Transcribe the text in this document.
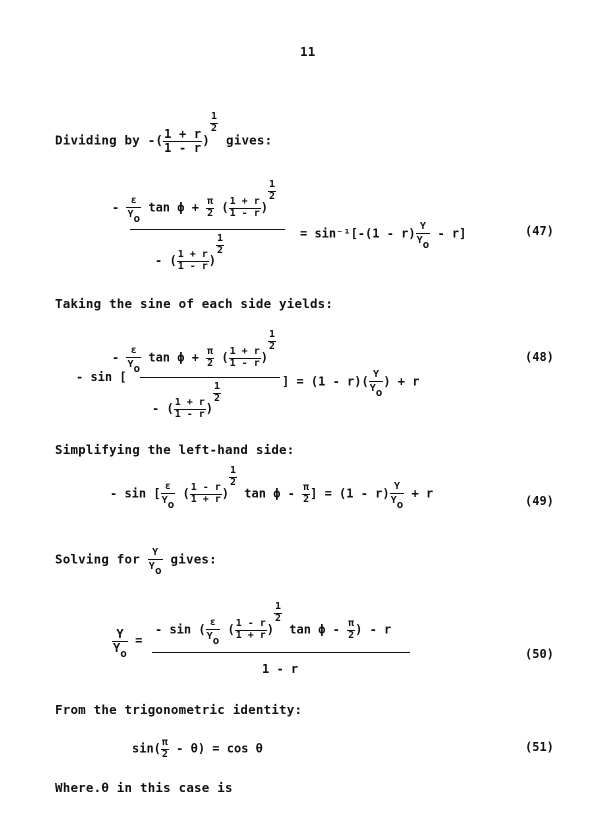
11
Dividing by -( $\frac{1 + r}{1 - r}$ )
$\frac{1}{2}$
gives:
- $\frac{\varepsilon}{Yo}$ $\tan \phi + \frac{\pi}{2}$ ( $\frac{1 + r}{1 - r}$ )
$\frac{1}{2}$
- ( $\frac{1 + r}{1 - r}$ )
$\frac{1}{2}$
= $\sin^{-1}[-(1 - r) \frac{Y}{Yo} - r]$	(47)
Taking the sine of each side yields:
- $\frac{\varepsilon}{Yo}$ $\tan \phi + \frac{\pi}{2}$ ( $\frac{1 + r}{1 - r}$ )
$\frac{1}{2}$
- sin [	] = $(1 - r)( \frac{Y}{Yo}$ ) + r
- ( $\frac{1 + r}{1 - r}$ )
$\frac{1}{2}$
(48)
Simplifying the left-hand side:
- sin [ $\frac{\varepsilon}{Yo}$ ( $\frac{1 - r}{1 + r}$ )
$\frac{1}{2}$
tan ϕ - $\frac{\pi}{2}$ ] = $(1 - r) \frac{Y}{Yo} + r$
(49)
Solving for $\frac{Y}{Yo}$ gives:
$\frac{Y}{Yo}$ =
- sin ( $\frac{\varepsilon}{Yo}$ ( $\frac{1 - r}{1 + r}$ )
$\frac{1}{2}$
tan ϕ - $\frac{\pi}{2}$ ) - r
1 - r
(50)
From the trigonometric identity:
$\sin( \frac{\pi}{2} - \theta) = \cos \theta$	(51)
Where.θ in this case is
